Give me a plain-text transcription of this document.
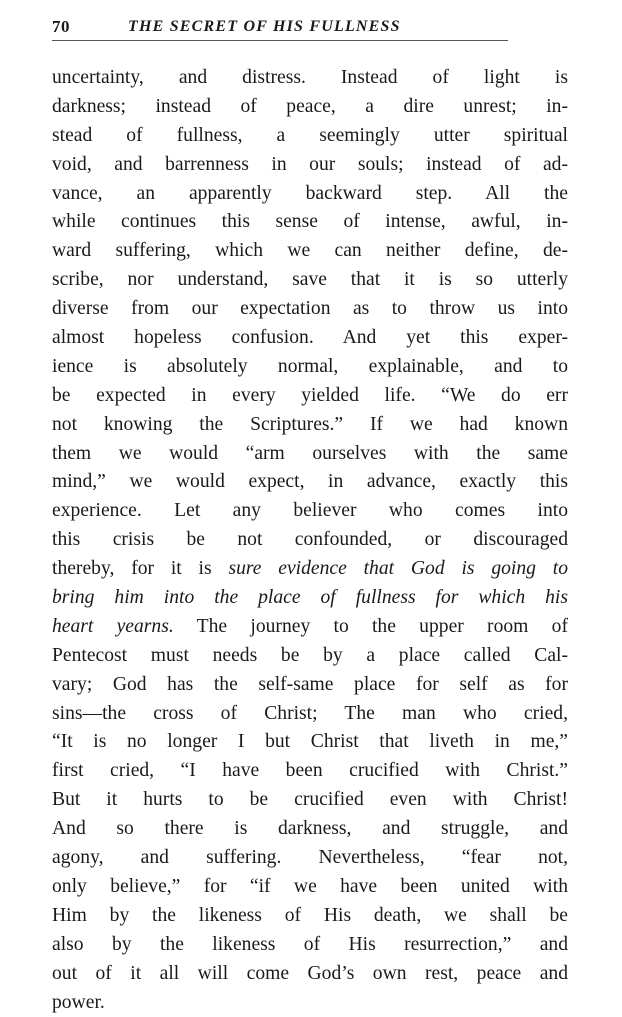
70	THE SECRET OF HIS FULLNESS
uncertainty, and distress. Instead of light is
darkness; instead of peace, a dire unrest; in-
stead of fullness, a seemingly utter spiritual
void, and barrenness in our souls; instead of ad-
vance, an apparently backward step. All the
while continues this sense of intense, awful, in-
ward suffering, which we can neither define, de-
scribe, nor understand, save that it is so utterly
diverse from our expectation as to throw us into
almost hopeless confusion. And yet this exper-
ience is absolutely normal, explainable, and to
be expected in every yielded life. “We do err
not knowing the Scriptures.” If we had known
them we would “arm ourselves with the same
mind,” we would expect, in advance, exactly this
experience. Let any believer who comes into
this crisis be not confounded, or discouraged
thereby, for it is sure evidence that God is going to
bring him into the place of fullness for which his
heart yearns. The journey to the upper room of
Pentecost must needs be by a place called Cal-
vary; God has the self-same place for self as for
sins—the cross of Christ; The man who cried,
“It is no longer I but Christ that liveth in me,”
first cried, “I have been crucified with Christ.”
But it hurts to be crucified even with Christ!
And so there is darkness, and struggle, and
agony, and suffering. Nevertheless, “fear not,
only believe,” for “if we have been united with
Him by the likeness of His death, we shall be
also by the likeness of His resurrection,” and
out of it all will come God’s own rest, peace and
power.
